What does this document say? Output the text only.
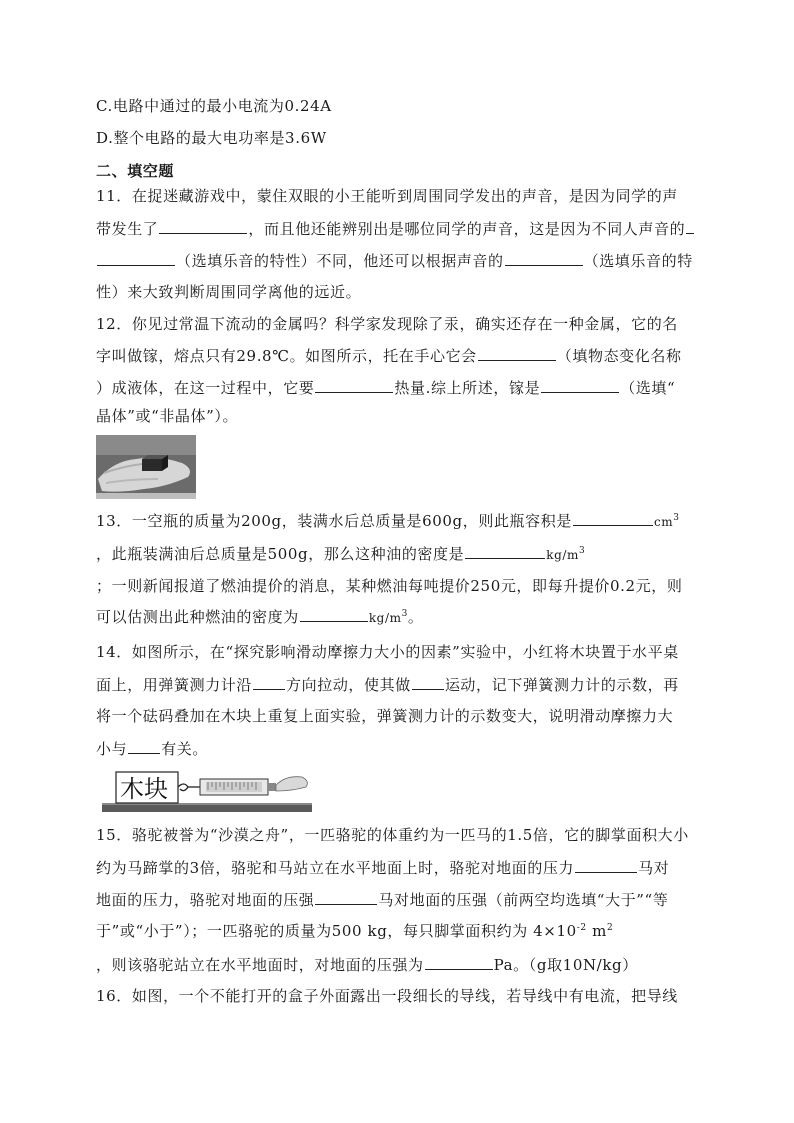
C.电路中通过的最小电流为0.24A
D.整个电路的最大电功率是3.6W
二、填空题
11．在捉迷藏游戏中，蒙住双眼的小王能听到周围同学发出的声音，是因为同学的声
带发生了	，而且他还能辨别出是哪位同学的声音，这是因为不同人声音的
（选填乐音的特性）不同，他还可以根据声音的	（选填乐音的特
性）来大致判断周围同学离他的远近。
12．你见过常温下流动的金属吗？科学家发现除了汞，确实还存在一种金属，它的名
字叫做镓，熔点只有29.8℃。如图所示，托在手心它会	（填物态变化名称
）成液体，在这一过程中，它要	热量.综上所述，镓是	（选填“
晶体”或“非晶体”）。
13．一空瓶的质量为200g，装满水后总质量是600g，则此瓶容积是	$cm^3$
，此瓶装满油后总质量是500g，那么这种油的密度是	$kg/m^3$
；一则新闻报道了燃油提价的消息，某种燃油每吨提价250元，即每升提价0.2元，则
可以估测出此种燃油的密度为	$kg/m^3$。
14．如图所示，在“探究影响滑动摩擦力大小的因素”实验中，小红将木块置于水平桌
面上，用弹簧测力计沿 方向拉动，使其做 运动，记下弹簧测力计的示数，再
将一个砝码叠加在木块上重复上面实验，弹簧测力计的示数变大，说明滑动摩擦力大
小与 有关。
木块
15．骆驼被誉为“沙漠之舟”，一匹骆驼的体重约为一匹马的1.5倍，它的脚掌面积大小
约为马蹄掌的3倍，骆驼和马站立在水平地面上时，骆驼对地面的压力	马对
地面的压力，骆驼对地面的压强	马对地面的压强（前两空均选填“大于”“等
于”或“小于”）；一匹骆驼的质量为500 kg，每只脚掌面积约为 $4\times 10^{-2}$ $m^2$
，则该骆驼站立在水平地面时，对地面的压强为	Pa。（g取10N/kg）
16．如图，一个不能打开的盒子外面露出一段细长的导线，若导线中有电流，把导线
